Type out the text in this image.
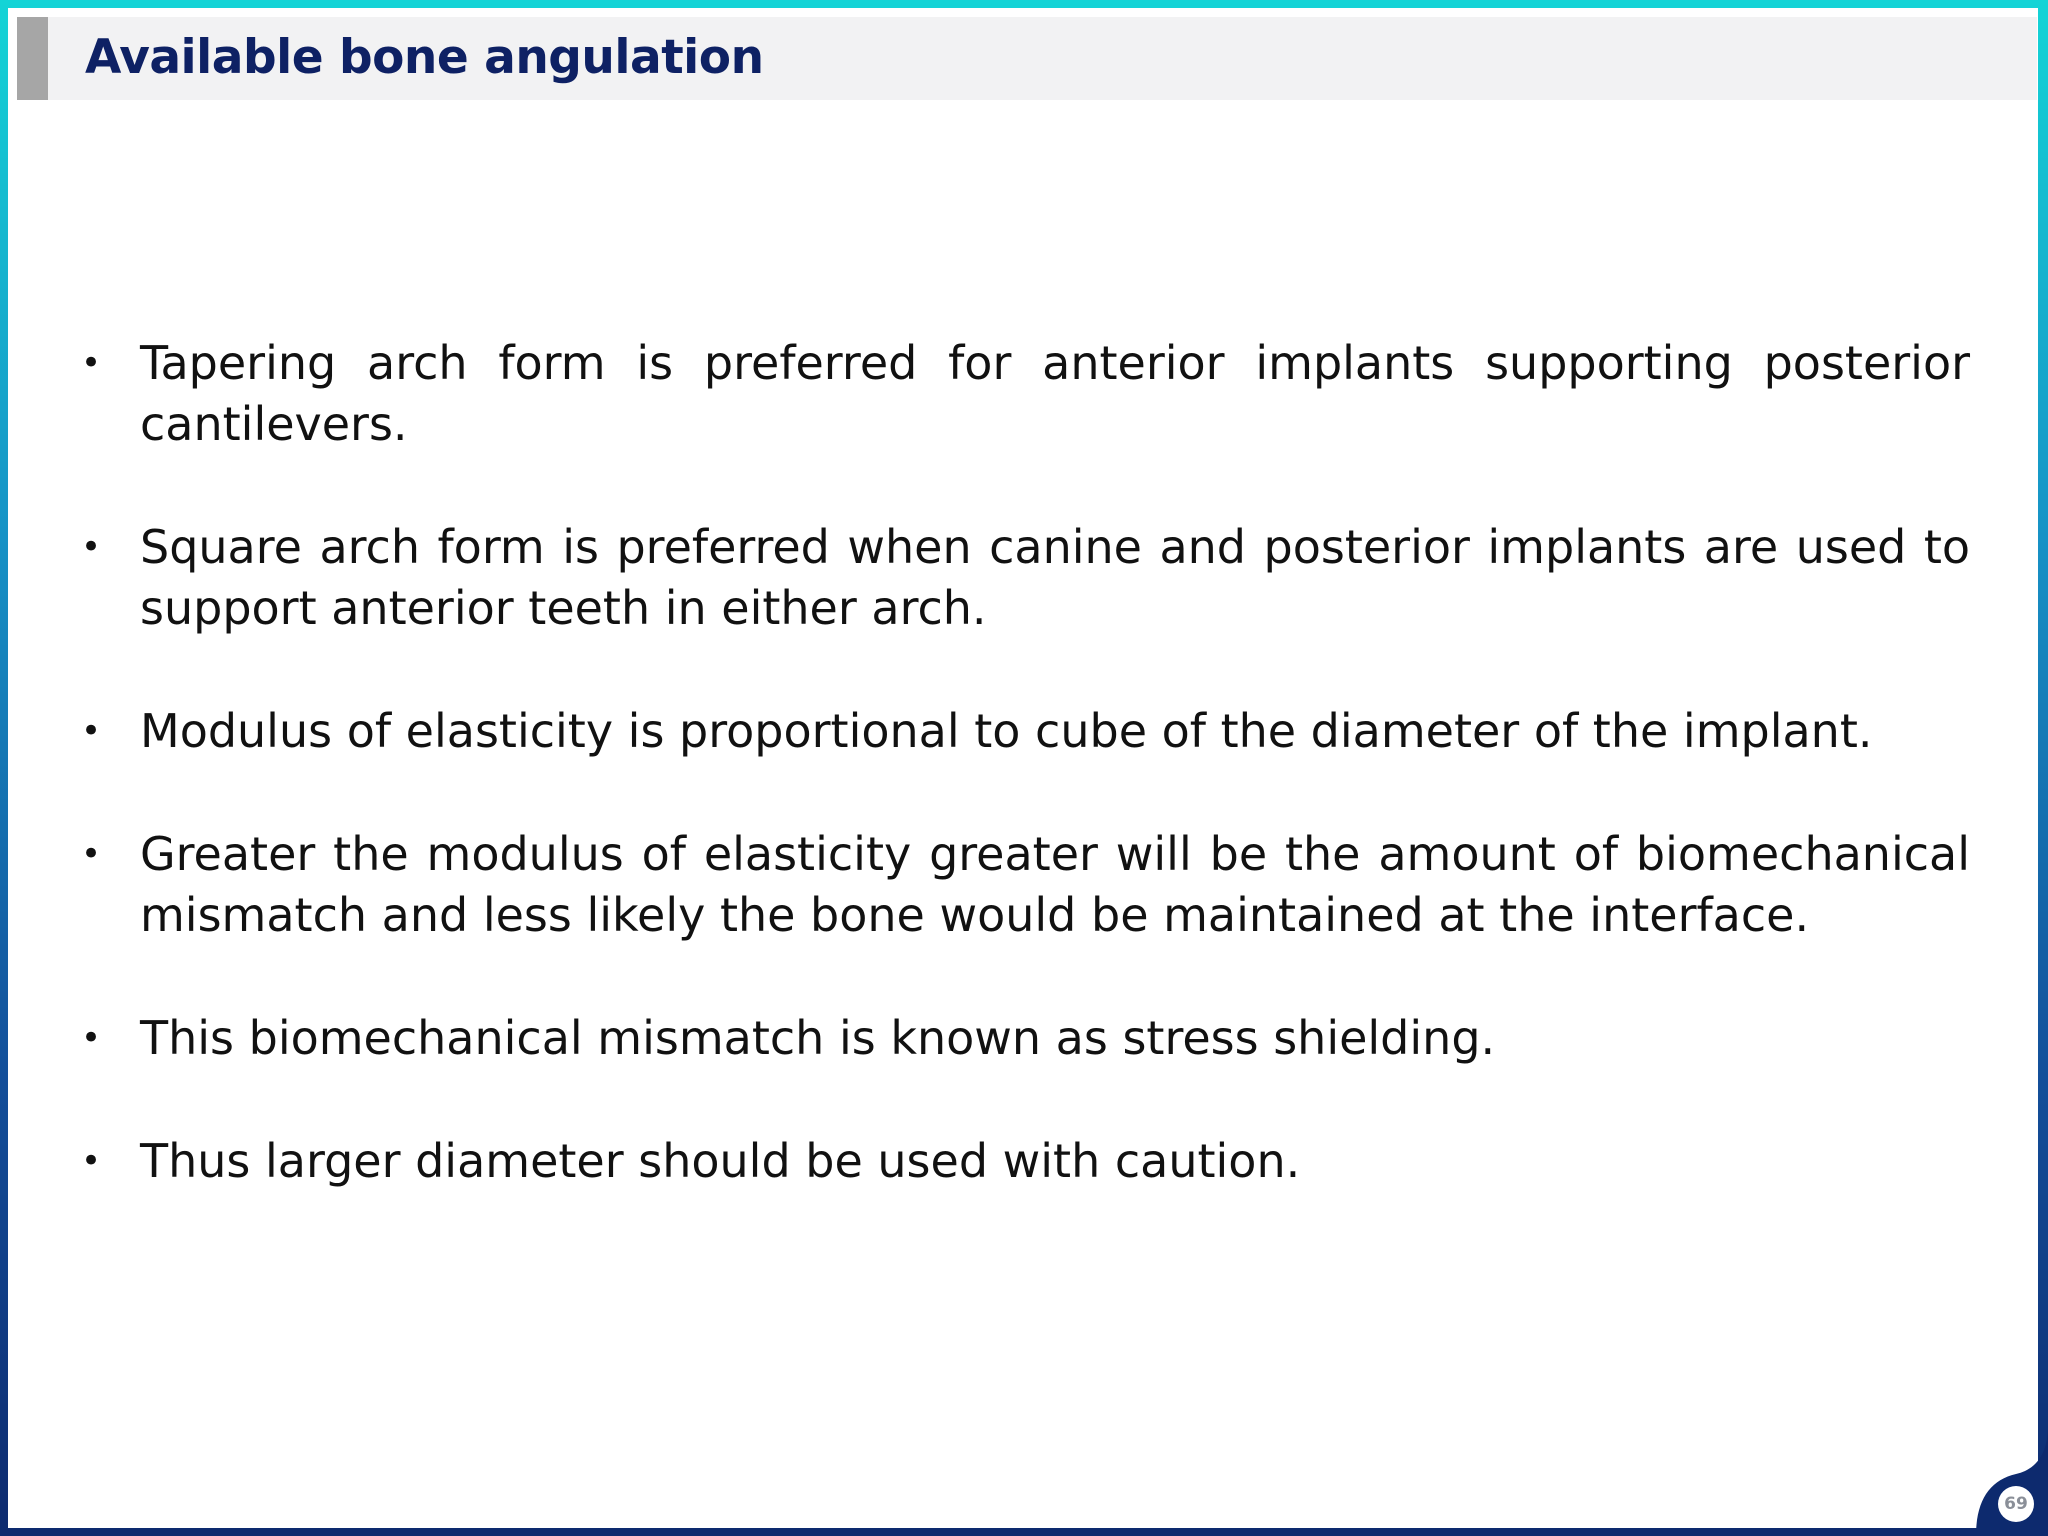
Available bone angulation
• Tapering arch form is preferred for anterior implants supporting posterior cantilevers.
• Square arch form is preferred when canine and posterior implants are used to support anterior teeth in either arch.
• Modulus of elasticity is proportional to cube of the diameter of the implant.
• Greater the modulus of elasticity greater will be the amount of biomechanical mismatch and less likely the bone would be maintained at the interface.
• This biomechanical mismatch is known as stress shielding.
• Thus larger diameter should be used with caution.
69
